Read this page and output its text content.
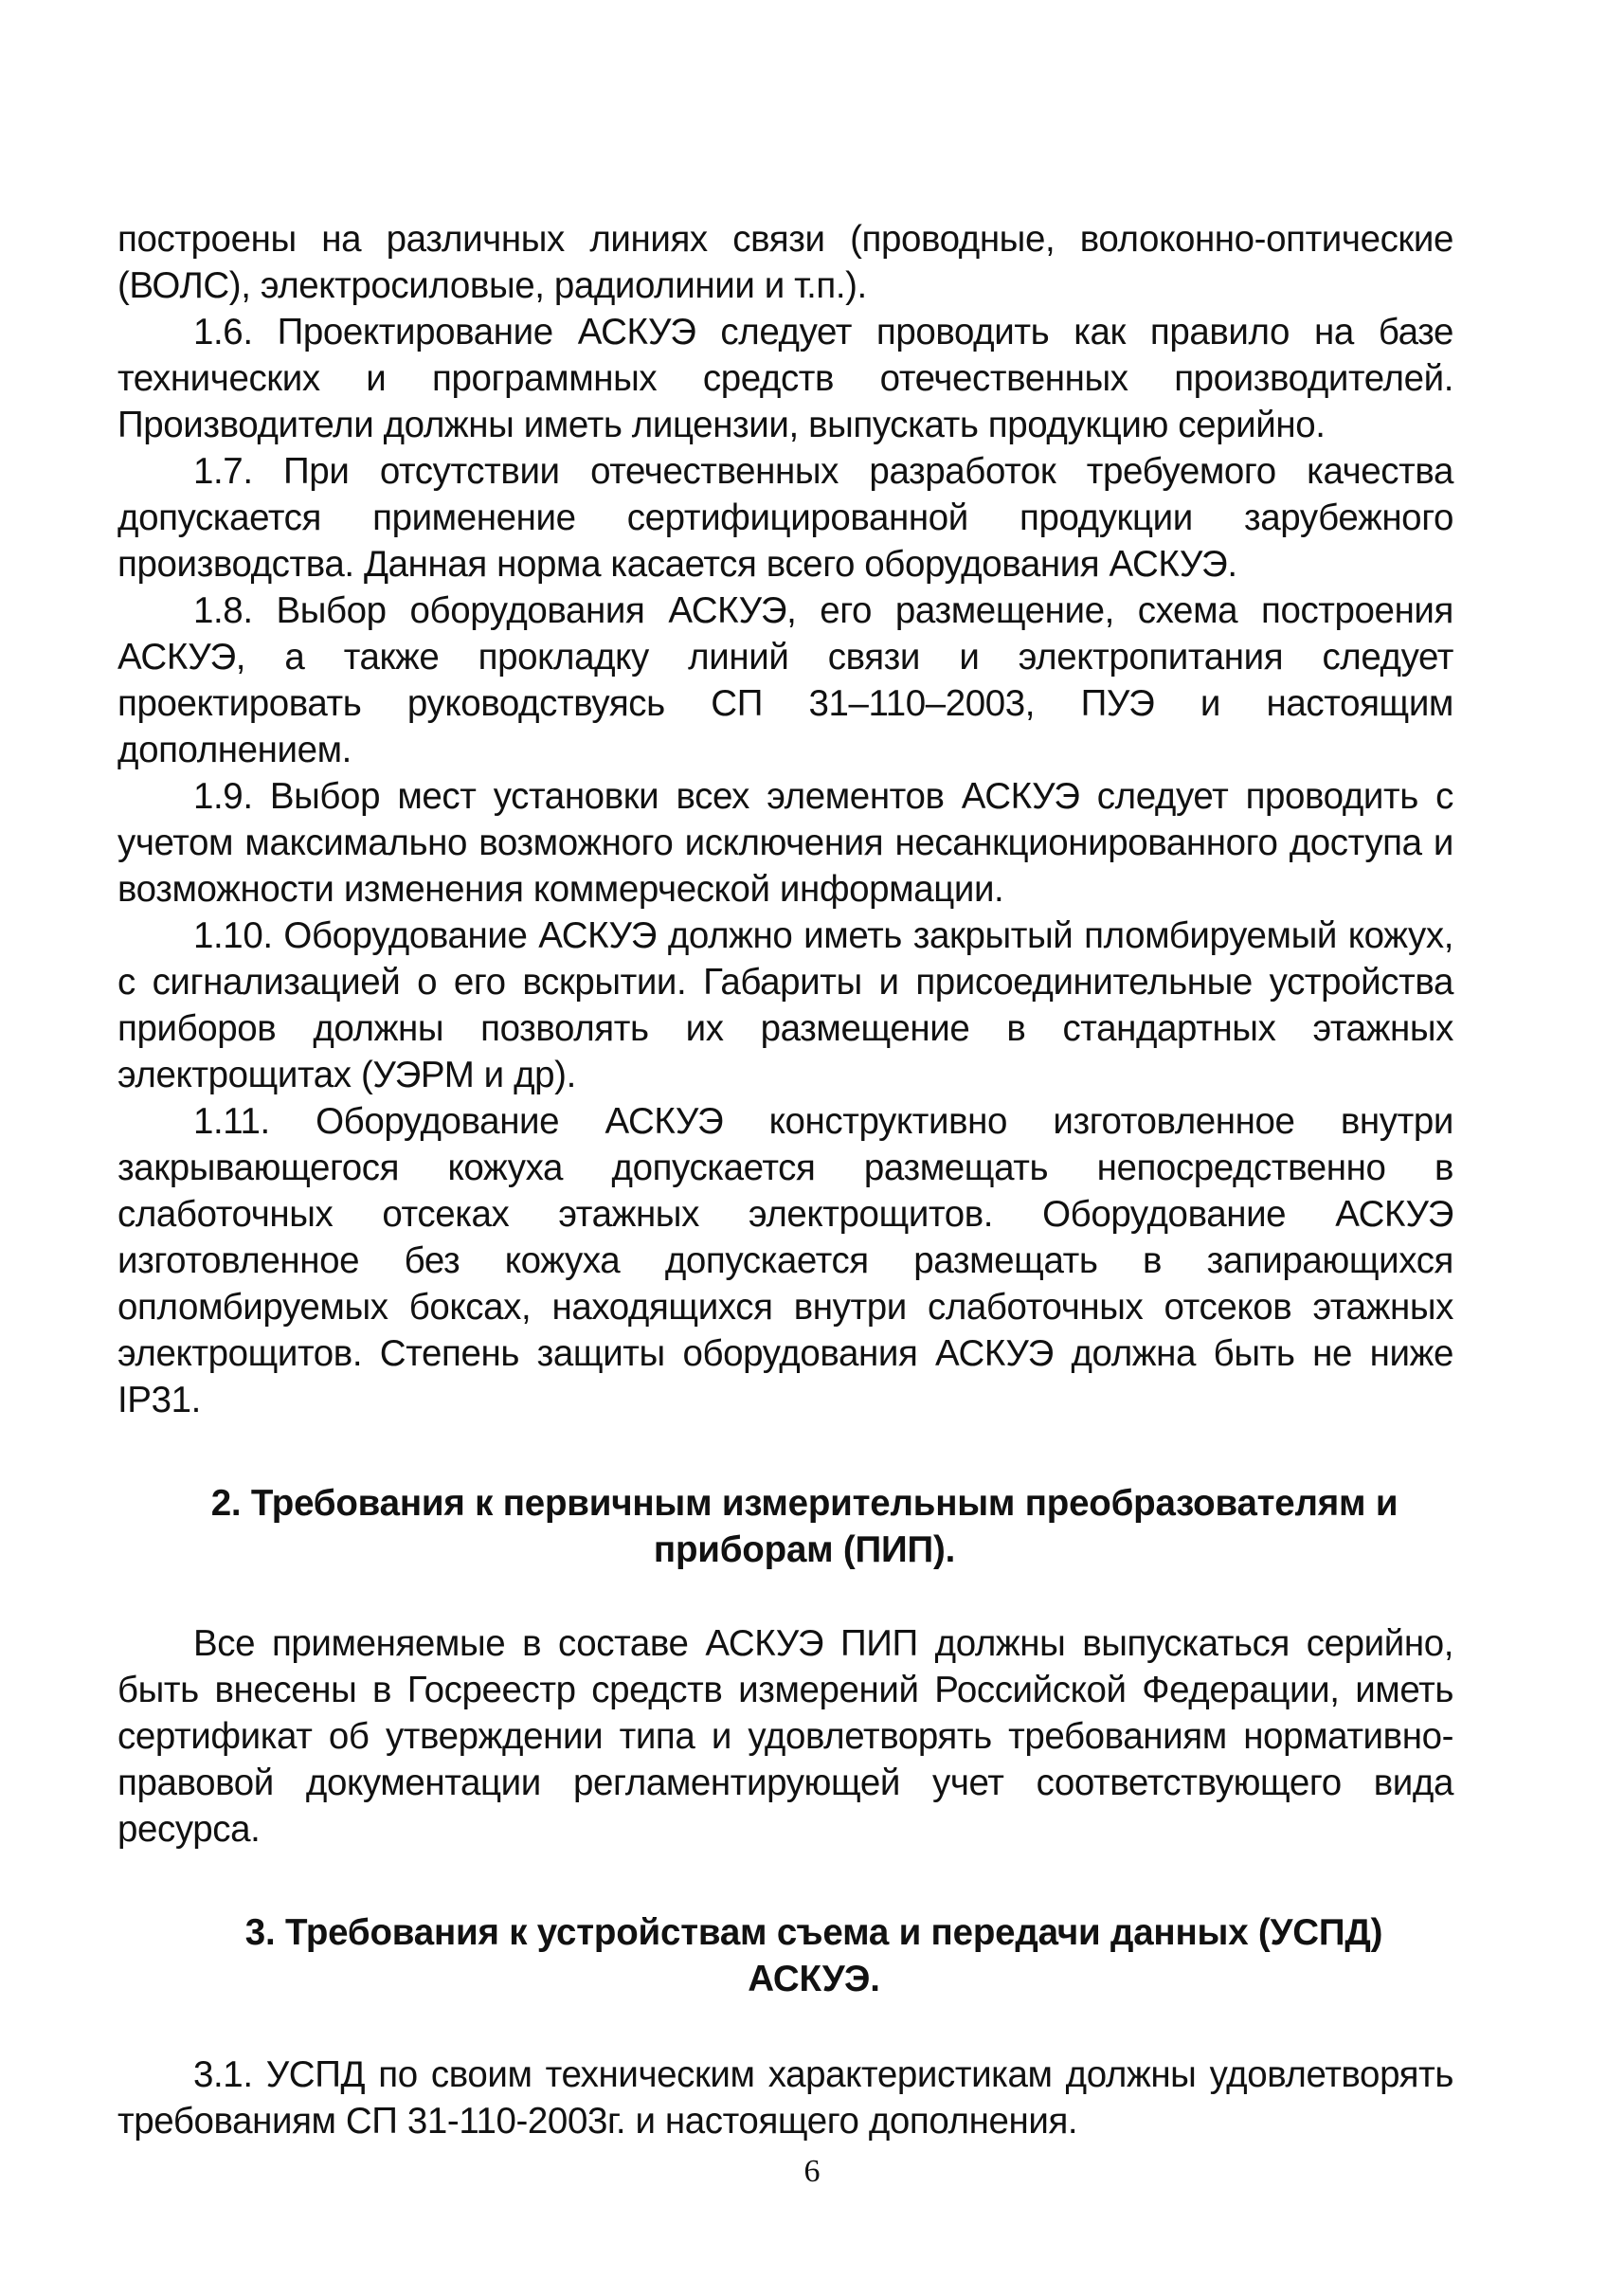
построены на различных линиях связи (проводные, волоконно-оптические (ВОЛС), электросиловые, радиолинии и т.п.).

1.6. Проектирование АСКУЭ следует проводить как правило на базе технических и программных средств отечественных производителей. Производители должны иметь лицензии, выпускать продукцию серийно.

1.7. При отсутствии отечественных разработок требуемого качества допускается применение сертифицированной продукции зарубежного производства. Данная норма касается всего оборудования АСКУЭ.

1.8. Выбор оборудования АСКУЭ, его размещение, схема построения АСКУЭ, а также прокладку линий связи и электропитания следует проектировать руководствуясь СП 31–110–2003, ПУЭ и настоящим дополнением.

1.9. Выбор мест установки всех элементов АСКУЭ следует проводить с учетом максимально возможного исключения несанкционированного доступа и возможности изменения коммерческой информации.

1.10. Оборудование АСКУЭ должно иметь закрытый пломбируемый кожух, с сигнализацией о его вскрытии. Габариты и присоединительные устройства приборов должны позволять их размещение в стандартных этажных электрощитах (УЭРМ и др).

1.11. Оборудование АСКУЭ конструктивно изготовленное внутри закрывающегося кожуха допускается размещать непосредственно в слаботочных отсеках этажных электрощитов. Оборудование АСКУЭ изготовленное без кожуха допускается размещать в запирающихся опломбируемых боксах, находящихся внутри слаботочных отсеков этажных электрощитов. Степень защиты оборудования АСКУЭ должна быть не ниже IP31.

2. Требования к первичным измерительным преобразователям и приборам (ПИП).

Все применяемые в составе АСКУЭ ПИП должны выпускаться серийно, быть внесены в Госреестр средств измерений Российской Федерации, иметь сертификат об утверждении типа и удовлетворять требованиям нормативно-правовой документации регламентирующей учет соответствующего вида ресурса.

3. Требования к устройствам съема и передачи данных (УСПД) АСКУЭ.

3.1. УСПД по своим техническим характеристикам должны удовлетворять требованиям СП 31-110-2003г. и настоящего дополнения.

6
